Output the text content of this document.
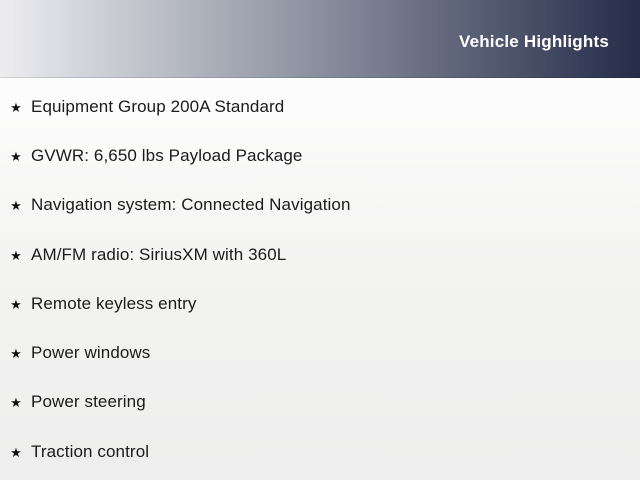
Vehicle Highlights
★ Equipment Group 200A Standard
★ GVWR: 6,650 lbs Payload Package
★ Navigation system: Connected Navigation
★ AM/FM radio: SiriusXM with 360L
★ Remote keyless entry
★ Power windows
★ Power steering
★ Traction control
